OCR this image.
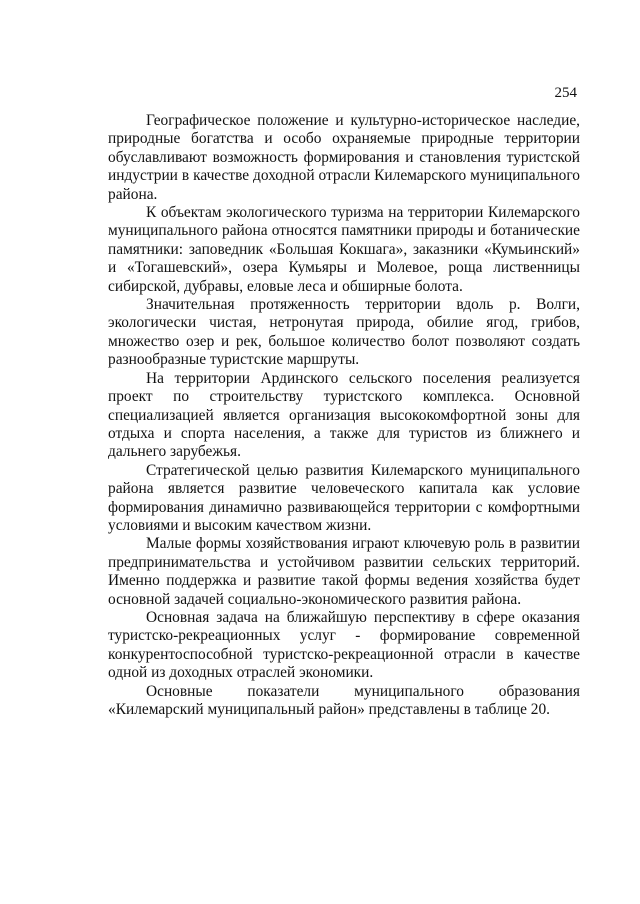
254

Географическое положение и культурно-историческое наследие, природные богатства и особо охраняемые природные территории обуславливают возможность формирования и становления туристской индустрии в качестве доходной отрасли Килемарского муниципального района.

К объектам экологического туризма на территории Килемарского муниципального района относятся памятники природы и ботанические памятники: заповедник «Большая Кокшага», заказники «Кумьинский» и «Тогашевский», озера Кумьяры и Молевое, роща лиственницы сибирской, дубравы, еловые леса и обширные болота.

Значительная протяженность территории вдоль р. Волги, экологически чистая, нетронутая природа, обилие ягод, грибов, множество озер и рек, большое количество болот позволяют создать разнообразные туристские маршруты.

На территории Ардинского сельского поселения реализуется проект по строительству туристского комплекса. Основной специализацией является организация высококомфортной зоны для отдыха и спорта населения, а также для туристов из ближнего и дальнего зарубежья.

Стратегической целью развития Килемарского муниципального района является развитие человеческого капитала как условие формирования динамично развивающейся территории с комфортными условиями и высоким качеством жизни.

Малые формы хозяйствования играют ключевую роль в развитии предпринимательства и устойчивом развитии сельских территорий. Именно поддержка и развитие такой формы ведения хозяйства будет основной задачей социально-экономического развития района.

Основная задача на ближайшую перспективу в сфере оказания туристско-рекреационных услуг - формирование современной конкурентоспособной туристско-рекреационной отрасли в качестве одной из доходных отраслей экономики.

Основные показатели муниципального образования «Килемарский муниципальный район» представлены в таблице 20.
